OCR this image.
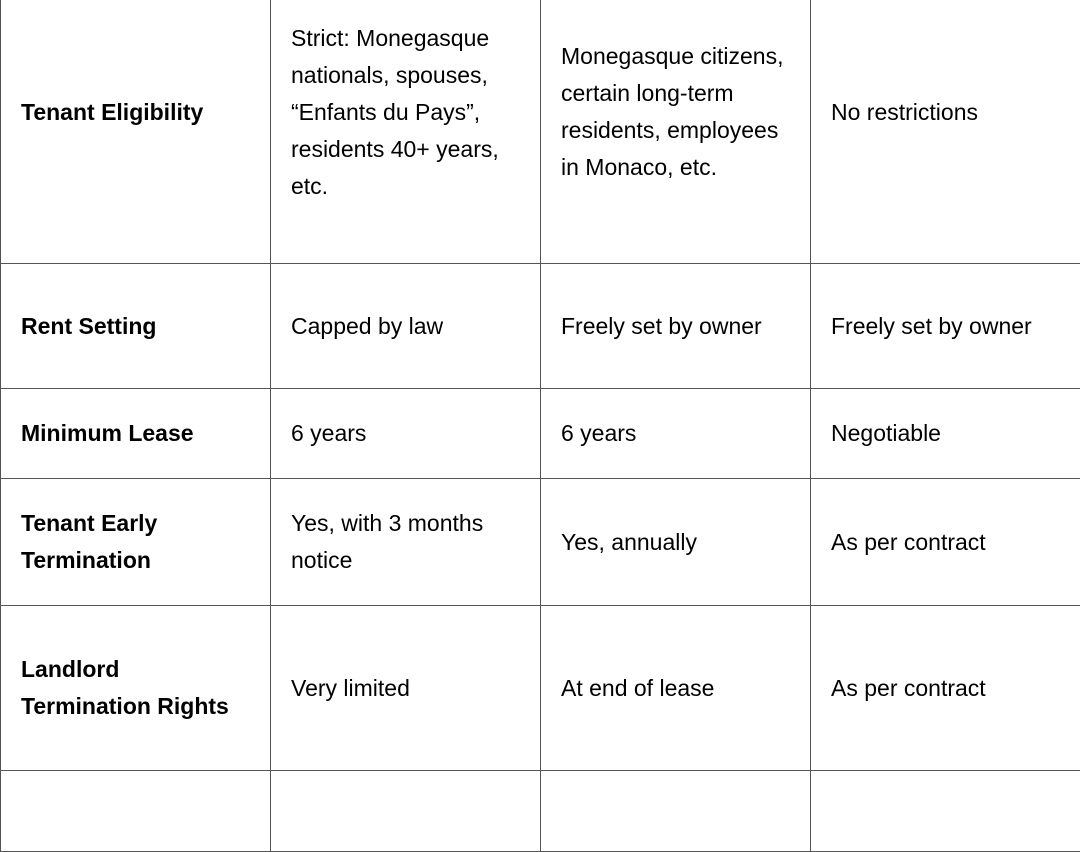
Tenant Eligibility	Strict: Monegasque nationals, spouses, “Enfants du Pays”, residents 40+ years, etc.	Monegasque citizens, certain long-term residents, employees in Monaco, etc.	No restrictions
Rent Setting	Capped by law	Freely set by owner	Freely set by owner
Minimum Lease	6 years	6 years	Negotiable
Tenant Early Termination	Yes, with 3 months notice	Yes, annually	As per contract
Landlord Termination Rights	Very limited	At end of lease	As per contract
